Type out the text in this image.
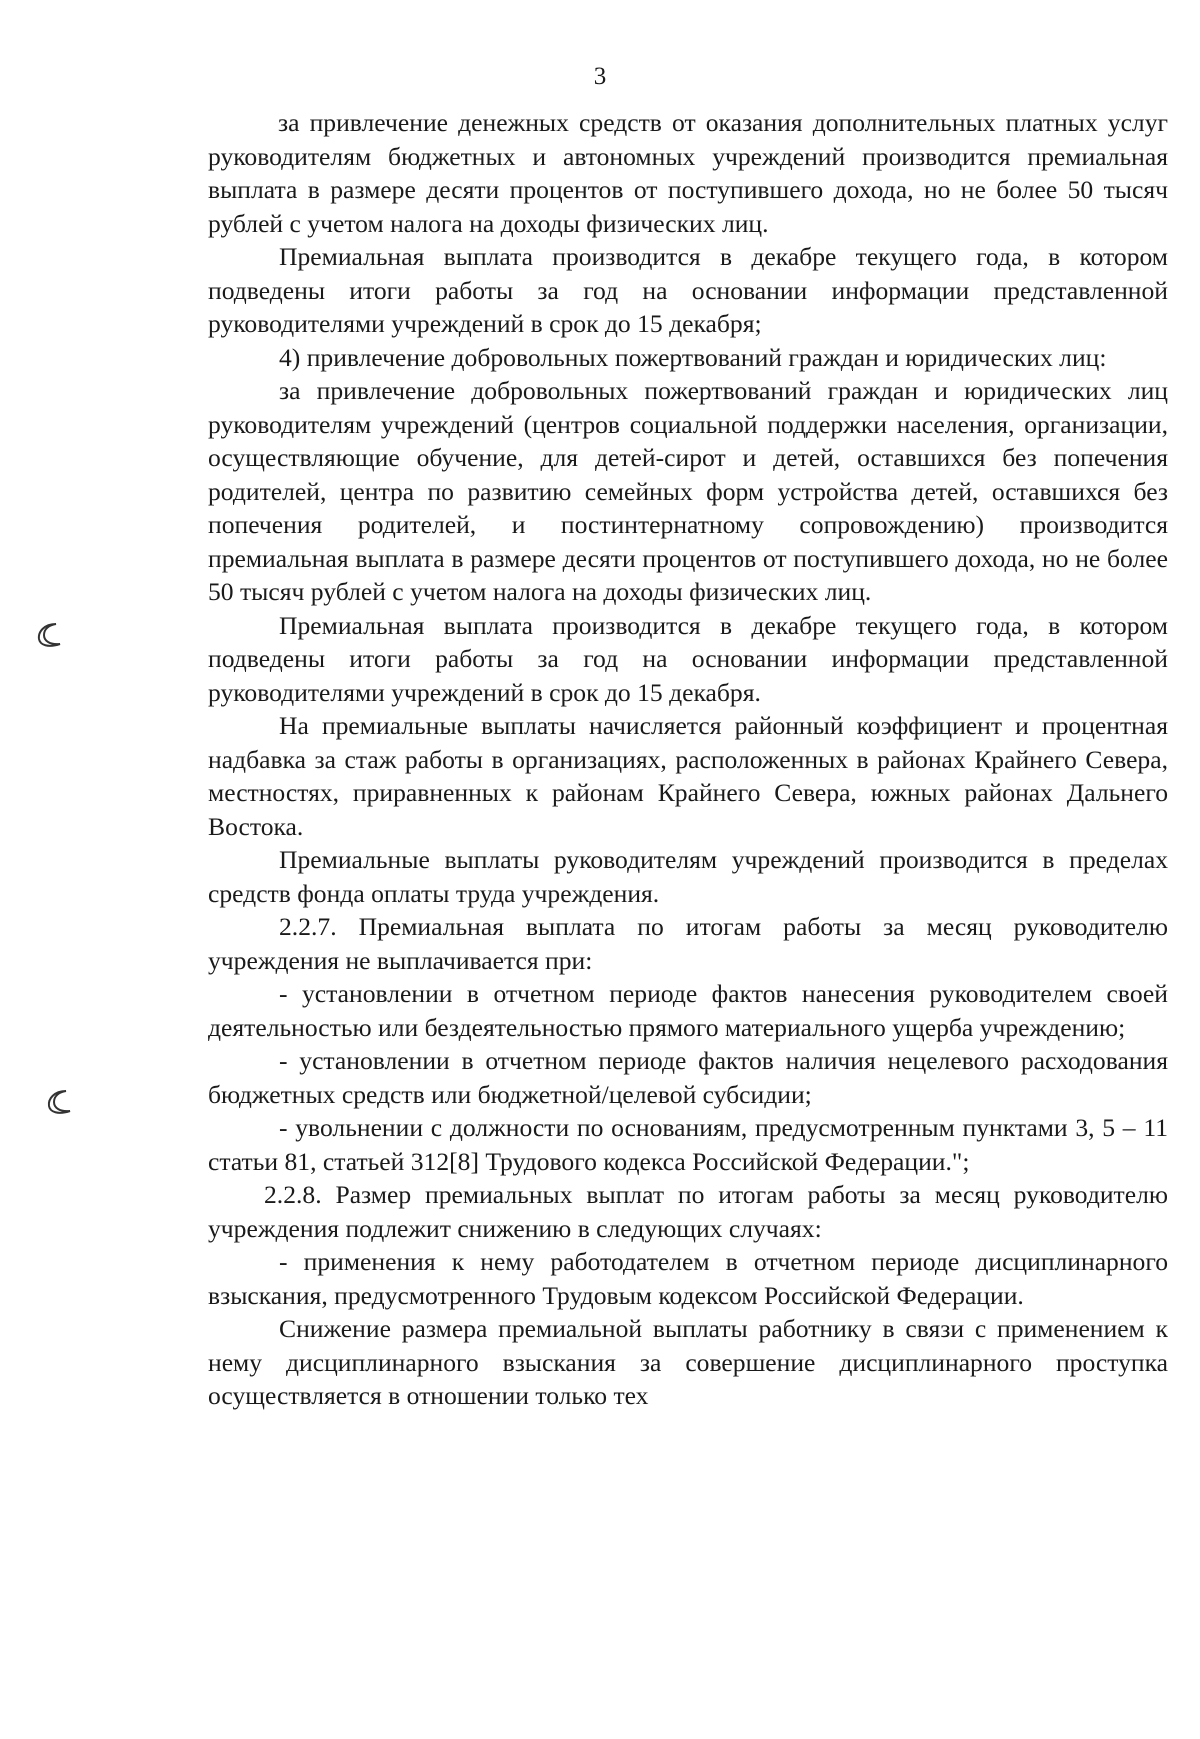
3

за привлечение денежных средств от оказания дополнительных платных услуг руководителям бюджетных и автономных учреждений производится премиальная выплата в размере десяти процентов от поступившего дохода, но не более 50 тысяч рублей с учетом налога на доходы физических лиц.

Премиальная выплата производится в декабре текущего года, в котором подведены итоги работы за год на основании информации представленной руководителями учреждений в срок до 15 декабря;

4) привлечение добровольных пожертвований граждан и юридических лиц:

за привлечение добровольных пожертвований граждан и юридических лиц руководителям учреждений (центров социальной поддержки населения, организации, осуществляющие обучение, для детей-сирот и детей, оставшихся без попечения родителей, центра по развитию семейных форм устройства детей, оставшихся без попечения родителей, и постинтернатному сопровождению) производится премиальная выплата в размере десяти процентов от поступившего дохода, но не более 50 тысяч рублей с учетом налога на доходы физических лиц.

Премиальная выплата производится в декабре текущего года, в котором подведены итоги работы за год на основании информации представленной руководителями учреждений в срок до 15 декабря.

На премиальные выплаты начисляется районный коэффициент и процентная надбавка за стаж работы в организациях, расположенных в районах Крайнего Севера, местностях, приравненных к районам Крайнего Севера, южных районах Дальнего Востока.

Премиальные выплаты руководителям учреждений производится в пределах средств фонда оплаты труда учреждения.

2.2.7. Премиальная выплата по итогам работы за месяц руководителю учреждения не выплачивается при:

- установлении в отчетном периоде фактов нанесения руководителем своей деятельностью или бездеятельностью прямого материального ущерба учреждению;

- установлении в отчетном периоде фактов наличия нецелевого расходования бюджетных средств или бюджетной/целевой субсидии;

- увольнении с должности по основаниям, предусмотренным пунктами 3, 5 – 11 статьи 81, статьей 312[8] Трудового кодекса Российской Федерации.";

2.2.8. Размер премиальных выплат по итогам работы за месяц руководителю учреждения подлежит снижению в следующих случаях:

- применения к нему работодателем в отчетном периоде дисциплинарного взыскания, предусмотренного Трудовым кодексом Российской Федерации.

Снижение размера премиальной выплаты работнику в связи с применением к нему дисциплинарного взыскания за совершение дисциплинарного проступка осуществляется в отношении только тех
